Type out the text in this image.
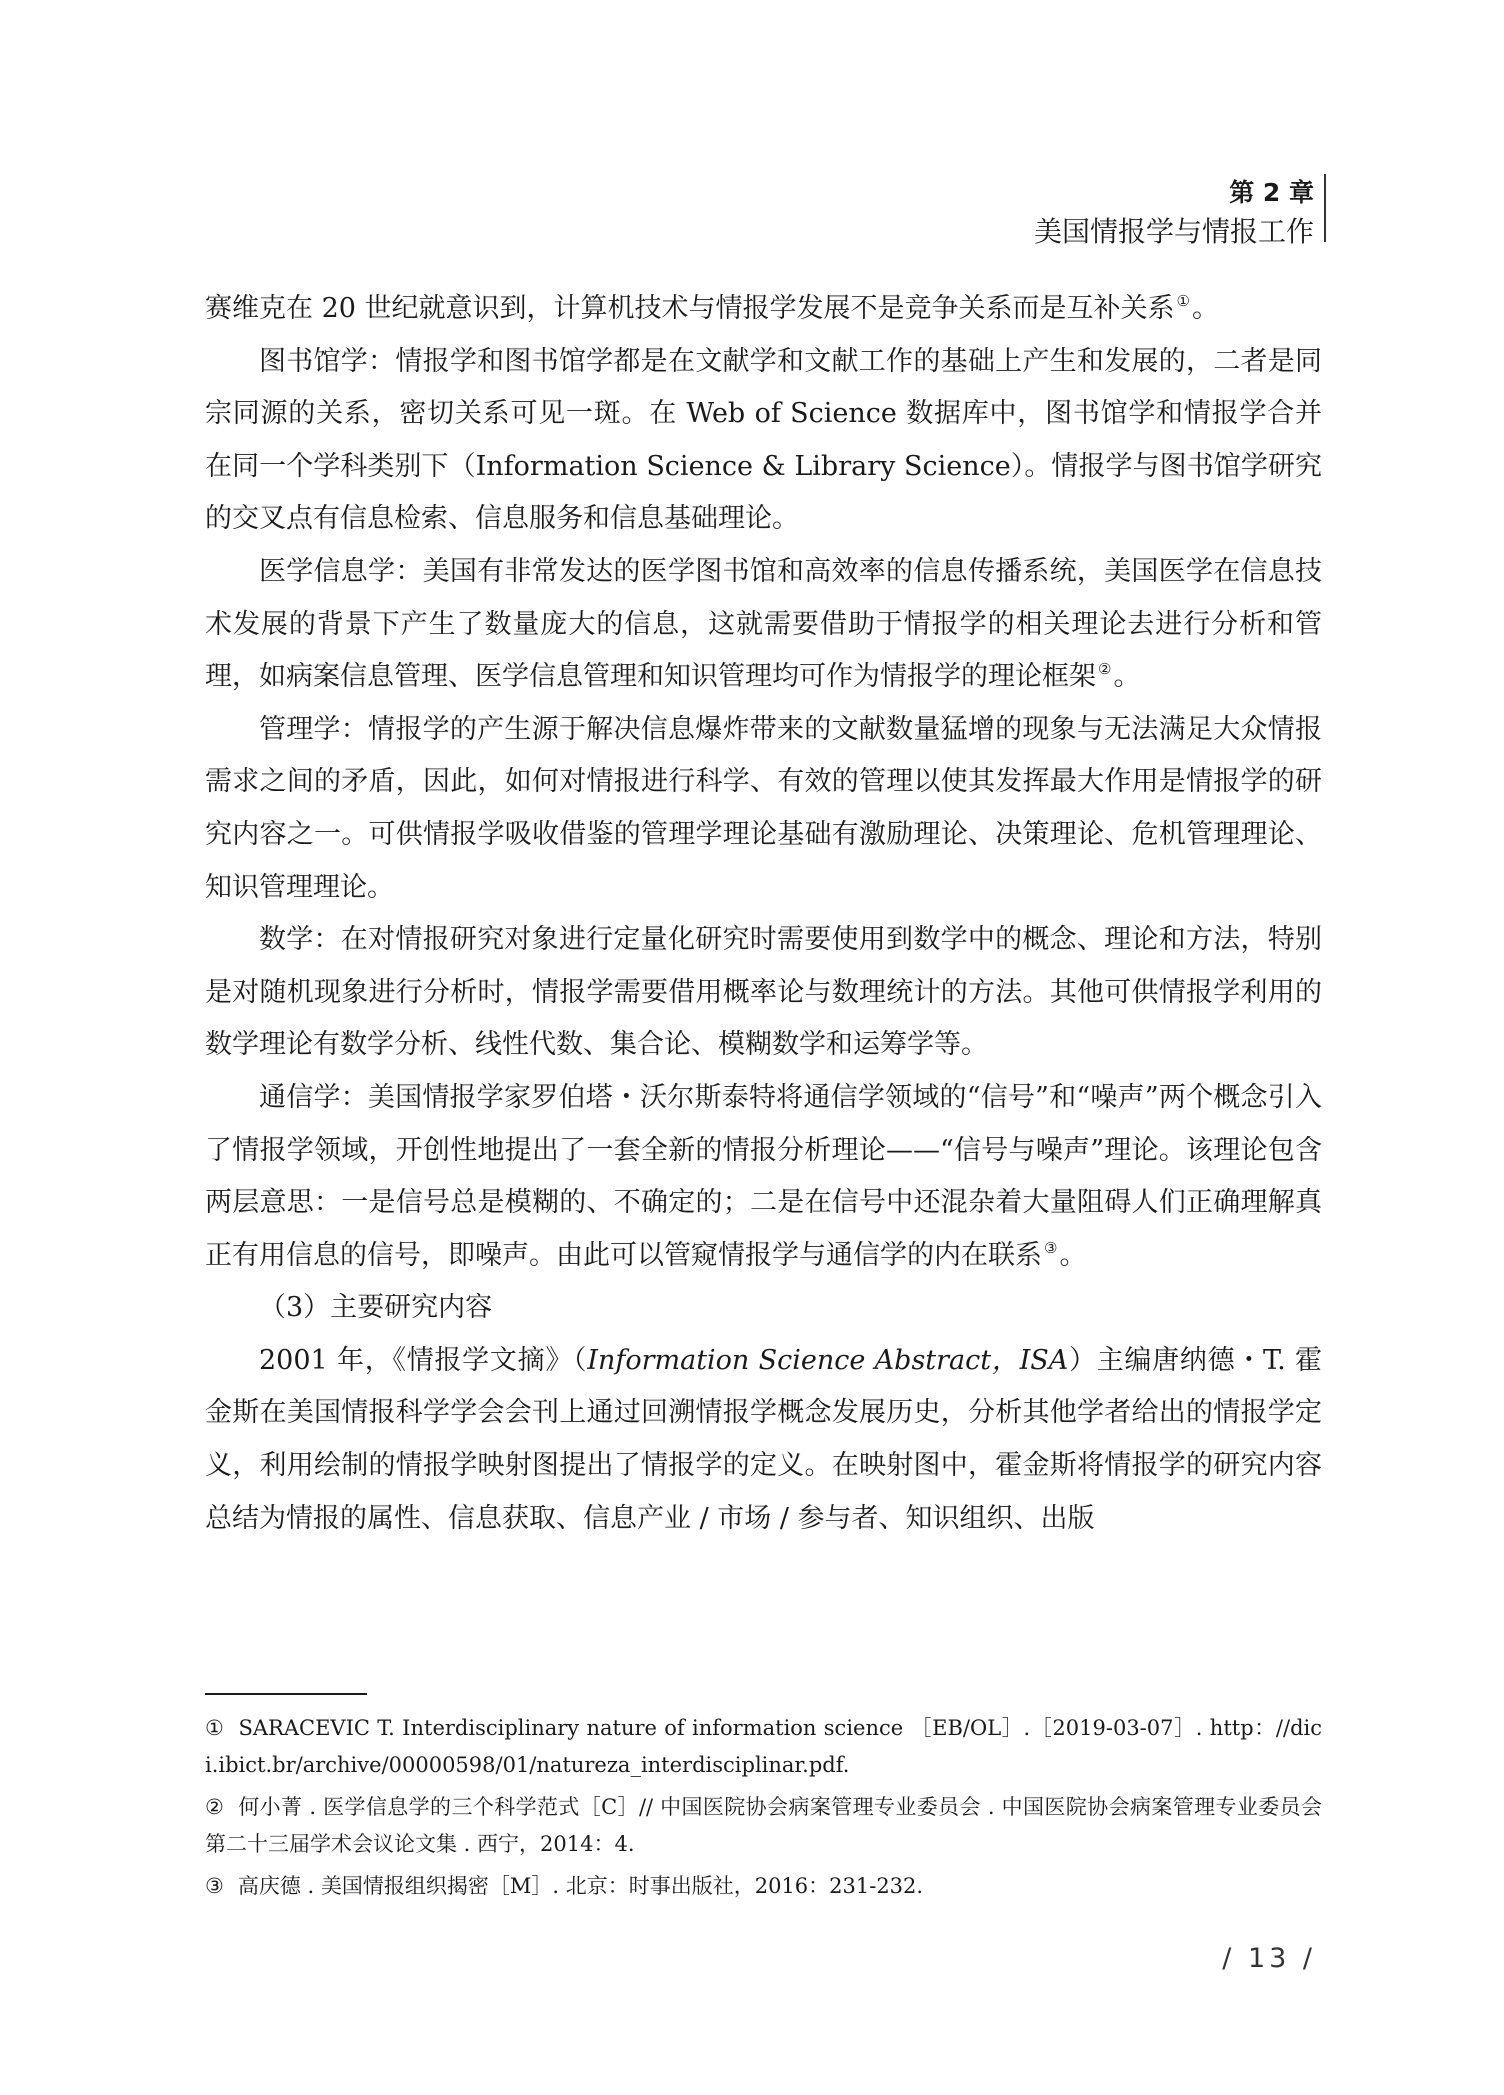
第 2 章
美国情报学与情报工作

赛维克在 20 世纪就意识到，计算机技术与情报学发展不是竞争关系而是互补关系 ①。

图书馆学：情报学和图书馆学都是在文献学和文献工作的基础上产生和发展的，二者是同宗同源的关系，密切关系可见一斑。在 Web of Science 数据库中，图书馆学和情报学合并在同一个学科类别下（Information Science & Library Science）。情报学与图书馆学研究的交叉点有信息检索、信息服务和信息基础理论。

医学信息学：美国有非常发达的医学图书馆和高效率的信息传播系统，美国医学在信息技术发展的背景下产生了数量庞大的信息，这就需要借助于情报学的相关理论去进行分析和管理，如病案信息管理、医学信息管理和知识管理均可作为情报学的理论框架 ②。

管理学：情报学的产生源于解决信息爆炸带来的文献数量猛增的现象与无法满足大众情报需求之间的矛盾，因此，如何对情报进行科学、有效的管理以使其发挥最大作用是情报学的研究内容之一。可供情报学吸收借鉴的管理学理论基础有激励理论、决策理论、危机管理理论、知识管理理论。

数学：在对情报研究对象进行定量化研究时需要使用到数学中的概念、理论和方法，特别是对随机现象进行分析时，情报学需要借用概率论与数理统计的方法。其他可供情报学利用的数学理论有数学分析、线性代数、集合论、模糊数学和运筹学等。

通信学：美国情报学家罗伯塔・沃尔斯泰特将通信学领域的“信号”和“噪声”两个概念引入了情报学领域，开创性地提出了一套全新的情报分析理论——“信号与噪声”理论。该理论包含两层意思：一是信号总是模糊的、不确定的；二是在信号中还混杂着大量阻碍人们正确理解真正有用信息的信号，即噪声。由此可以管窥情报学与通信学的内在联系 ③。

（3）主要研究内容

2001 年，《情报学文摘》（Information Science Abstract，ISA）主编唐纳德・T. 霍金斯在美国情报科学学会会刊上通过回溯情报学概念发展历史，分析其他学者给出的情报学定义，利用绘制的情报学映射图提出了情报学的定义。在映射图中，霍金斯将情报学的研究内容总结为情报的属性、信息获取、信息产业 / 市场 / 参与者、知识组织、出版

① SARACEVIC T. Interdisciplinary nature of information science ［EB/OL］.［2019-03-07］. http：//dici.ibict.br/archive/00000598/01/natureza_interdisciplinar.pdf.
② 何小菁 . 医学信息学的三个科学范式［C］// 中国医院协会病案管理专业委员会 . 中国医院协会病案管理专业委员会第二十三届学术会议论文集 . 西宁，2014：4.
③ 高庆德 . 美国情报组织揭密［M］. 北京：时事出版社，2016：231-232.
/ 13 /
